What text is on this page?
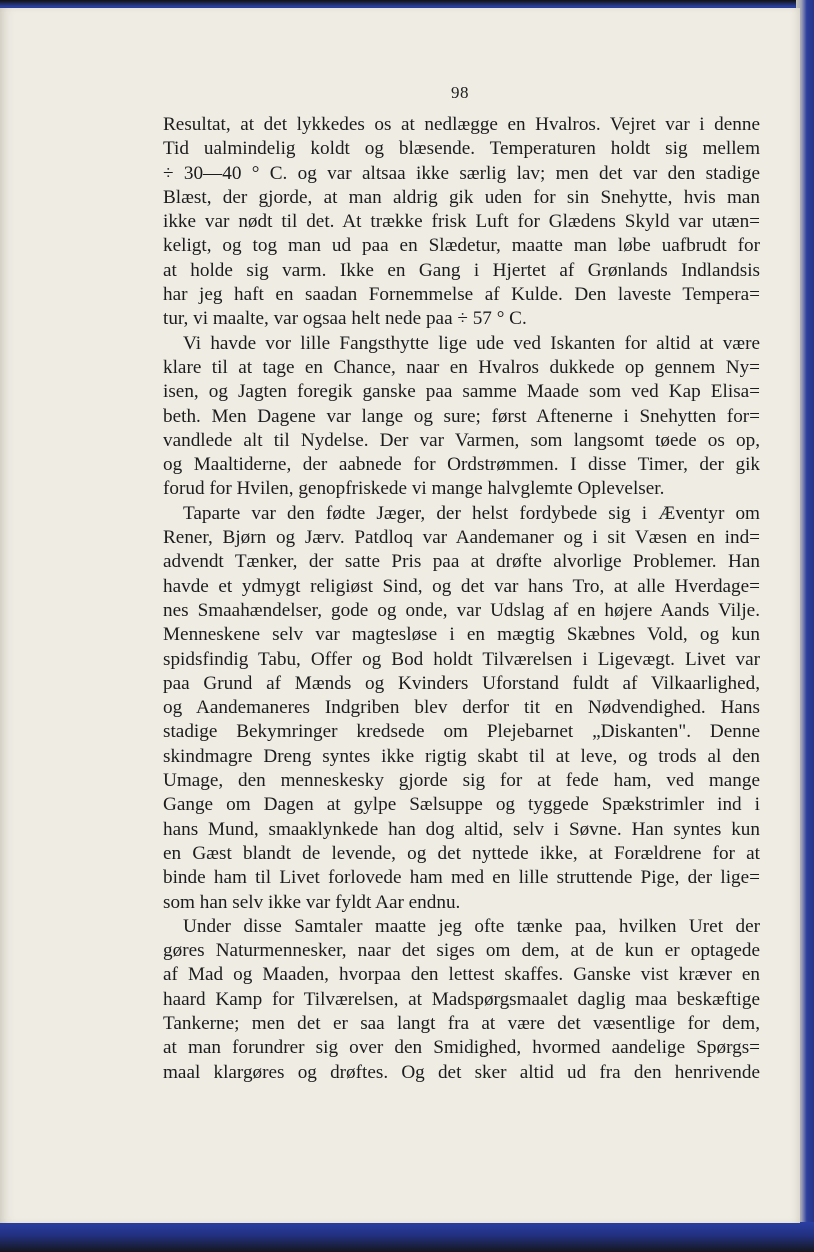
98
Resultat, at det lykkedes os at nedlægge en Hvalros. Vejret var i denne
Tid ualmindelig koldt og blæsende. Temperaturen holdt sig mellem
÷ 30—40 ° C. og var altsaa ikke særlig lav; men det var den stadige
Blæst, der gjorde, at man aldrig gik uden for sin Snehytte, hvis man
ikke var nødt til det. At trække frisk Luft for Glædens Skyld var utæn=
keligt, og tog man ud paa en Slædetur, maatte man løbe uafbrudt for
at holde sig varm. Ikke en Gang i Hjertet af Grønlands Indlandsis
har jeg haft en saadan Fornemmelse af Kulde. Den laveste Tempera=
tur, vi maalte, var ogsaa helt nede paa ÷ 57 ° C.
Vi havde vor lille Fangsthytte lige ude ved Iskanten for altid at være
klare til at tage en Chance, naar en Hvalros dukkede op gennem Ny=
isen, og Jagten foregik ganske paa samme Maade som ved Kap Elisa=
beth. Men Dagene var lange og sure; først Aftenerne i Snehytten for=
vandlede alt til Nydelse. Der var Varmen, som langsomt tøede os op,
og Maaltiderne, der aabnede for Ordstrømmen. I disse Timer, der gik
forud for Hvilen, genopfriskede vi mange halvglemte Oplevelser.
Taparte var den fødte Jæger, der helst fordybede sig i Æventyr om
Rener, Bjørn og Jærv. Patdloq var Aandemaner og i sit Væsen en ind=
advendt Tænker, der satte Pris paa at drøfte alvorlige Problemer. Han
havde et ydmygt religiøst Sind, og det var hans Tro, at alle Hverdage=
nes Smaahændelser, gode og onde, var Udslag af en højere Aands Vilje.
Menneskene selv var magtesløse i en mægtig Skæbnes Vold, og kun
spidsfindig Tabu, Offer og Bod holdt Tilværelsen i Ligevægt. Livet var
paa Grund af Mænds og Kvinders Uforstand fuldt af Vilkaarlighed,
og Aandemaneres Indgriben blev derfor tit en Nødvendighed. Hans
stadige Bekymringer kredsede om Plejebarnet „Diskanten". Denne
skindmagre Dreng syntes ikke rigtig skabt til at leve, og trods al den
Umage, den menneskesky gjorde sig for at fede ham, ved mange
Gange om Dagen at gylpe Sælsuppe og tyggede Spækstrimler ind i
hans Mund, smaaklynkede han dog altid, selv i Søvne. Han syntes kun
en Gæst blandt de levende, og det nyttede ikke, at Forældrene for at
binde ham til Livet forlovede ham med en lille struttende Pige, der lige=
som han selv ikke var fyldt Aar endnu.
Under disse Samtaler maatte jeg ofte tænke paa, hvilken Uret der
gøres Naturmennesker, naar det siges om dem, at de kun er optagede
af Mad og Maaden, hvorpaa den lettest skaffes. Ganske vist kræver en
haard Kamp for Tilværelsen, at Madspørgsmaalet daglig maa beskæftige
Tankerne; men det er saa langt fra at være det væsentlige for dem,
at man forundrer sig over den Smidighed, hvormed aandelige Spørgs=
maal klargøres og drøftes. Og det sker altid ud fra den henrivende
